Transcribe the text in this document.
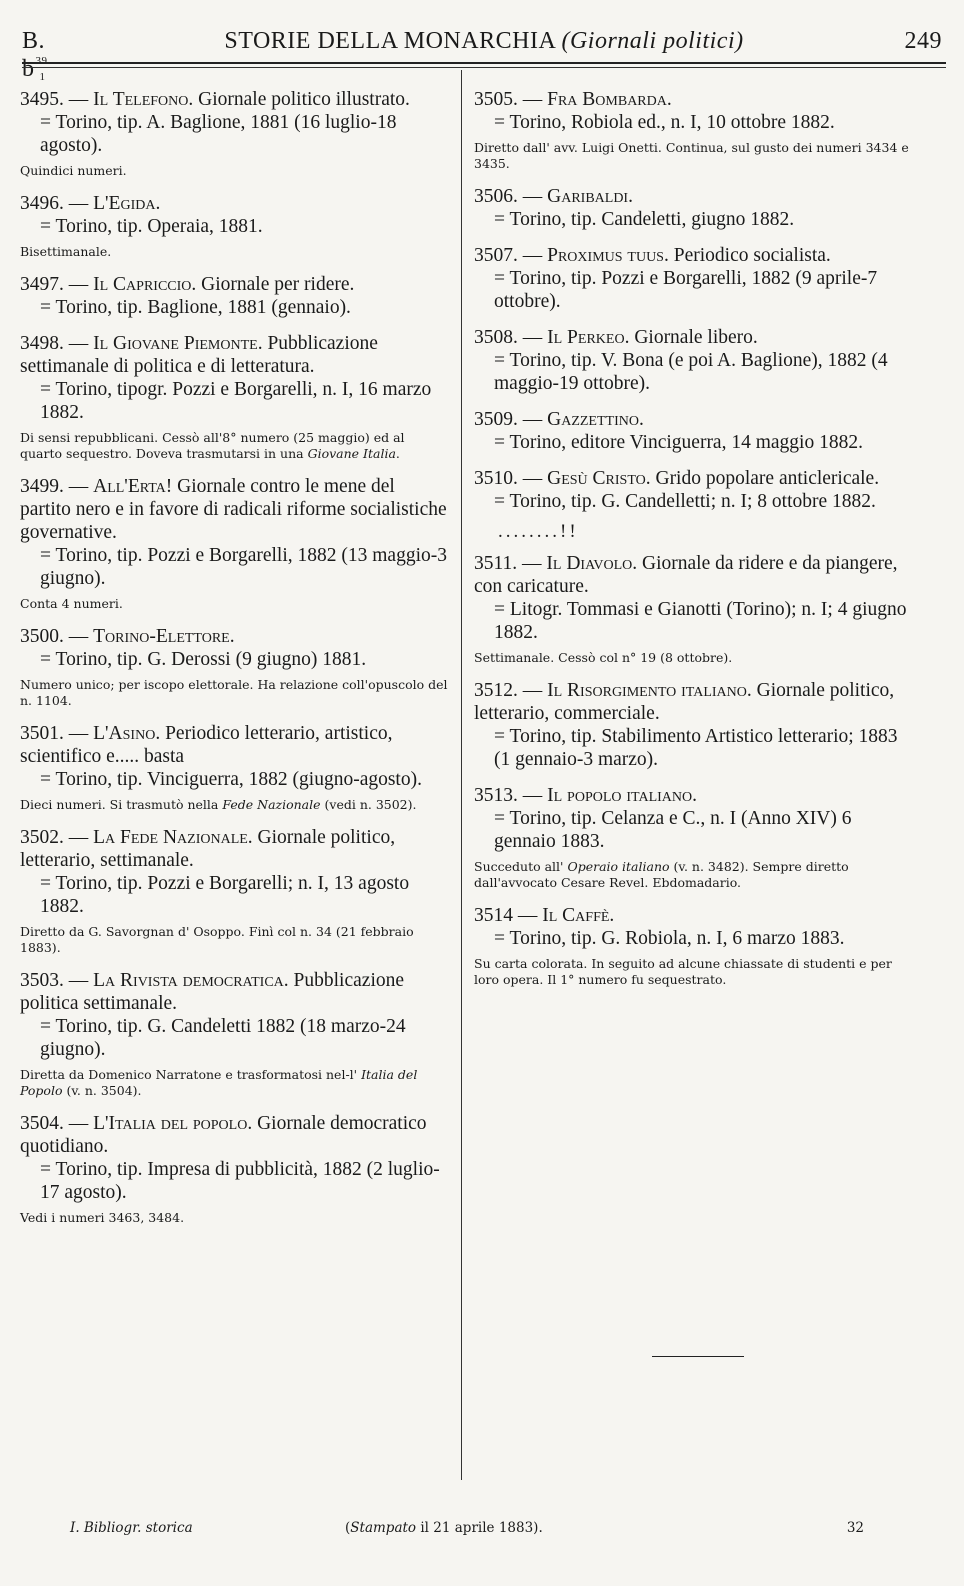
B. $b^{39}_1$
STORIE DELLA MONARCHIA (Giornali politici)	249
3495. — Il Telefono. Giornale politico illustrato.
= Torino, tip. A. Baglione, 1881 (16 luglio-18 agosto).
Quindici numeri.
3496. — L'Egida.
= Torino, tip. Operaia, 1881.
Bisettimanale.
3497. — Il Capriccio. Giornale per ridere.
= Torino, tip. Baglione, 1881 (gennaio).
3498. — Il Giovane Piemonte. Pubblicazione settimanale di politica e di letteratura.
= Torino, tipogr. Pozzi e Borgarelli, n. I, 16 marzo 1882.
Di sensi repubblicani. Cessò all'8° numero (25 maggio) ed al quarto sequestro. Doveva trasmutarsi in una Giovane Italia.
3499. — All'Erta! Giornale contro le mene del partito nero e in favore di radicali riforme socialistiche governative.
= Torino, tip. Pozzi e Borgarelli, 1882 (13 maggio-3 giugno).
Conta 4 numeri.
3500. — Torino-Elettore.
= Torino, tip. G. Derossi (9 giugno) 1881.
Numero unico; per iscopo elettorale. Ha relazione coll'opuscolo del n. 1104.
3501. — L'Asino. Periodico letterario, artistico, scientifico e..... basta
= Torino, tip. Vinciguerra, 1882 (giugno-agosto).
Dieci numeri. Si trasmutò nella Fede Nazionale (vedi n. 3502).
3502. — La Fede Nazionale. Giornale politico, letterario, settimanale.
= Torino, tip. Pozzi e Borgarelli; n. I, 13 agosto 1882.
Diretto da G. Savorgnan d' Osoppo. Finì col n. 34 (21 febbraio 1883).
3503. — La Rivista democratica. Pubblicazione politica settimanale.
= Torino, tip. G. Candeletti 1882 (18 marzo-24 giugno).
Diretta da Domenico Narratone e trasformatosi nel-l' Italia del Popolo (v. n. 3504).
3504. — L'Italia del popolo. Giornale democratico quotidiano.
= Torino, tip. Impresa di pubblicità, 1882 (2 luglio-17 agosto).
Vedi i numeri 3463, 3484.
3505. — Fra Bombarda.
= Torino, Robiola ed., n. I, 10 ottobre 1882.
Diretto dall' avv. Luigi Onetti. Continua, sul gusto dei numeri 3434 e 3435.
3506. — Garibaldi.
= Torino, tip. Candeletti, giugno 1882.
3507. — Proximus tuus. Periodico socialista.
= Torino, tip. Pozzi e Borgarelli, 1882 (9 aprile-7 ottobre).
3508. — Il Perkeo. Giornale libero.
= Torino, tip. V. Bona (e poi A. Baglione), 1882 (4 maggio-19 ottobre).
3509. — Gazzettino.
= Torino, editore Vinciguerra, 14 maggio 1882.
3510. — Gesù Cristo. Grido popolare anticlericale.
= Torino, tip. G. Candelletti; n. I; 8 ottobre 1882.
........!!
3511. — Il Diavolo. Giornale da ridere e da piangere, con caricature.
= Litogr. Tommasi e Gianotti (Torino); n. I; 4 giugno 1882.
Settimanale. Cessò col n° 19 (8 ottobre).
3512. — Il Risorgimento italiano. Giornale politico, letterario, commerciale.
= Torino, tip. Stabilimento Artistico letterario; 1883 (1 gennaio-3 marzo).
3513. — Il popolo italiano.
= Torino, tip. Celanza e C., n. I (Anno XIV) 6 gennaio 1883.
Succeduto all' Operaio italiano (v. n. 3482). Sempre diretto dall'avvocato Cesare Revel. Ebdomadario.
3514 — Il Caffè.
= Torino, tip. G. Robiola, n. I, 6 marzo 1883.
Su carta colorata. In seguito ad alcune chiassate di studenti e per loro opera. Il 1° numero fu sequestrato.
I. Bibliogr. storica	(Stampato il 21 aprile 1883).	32
